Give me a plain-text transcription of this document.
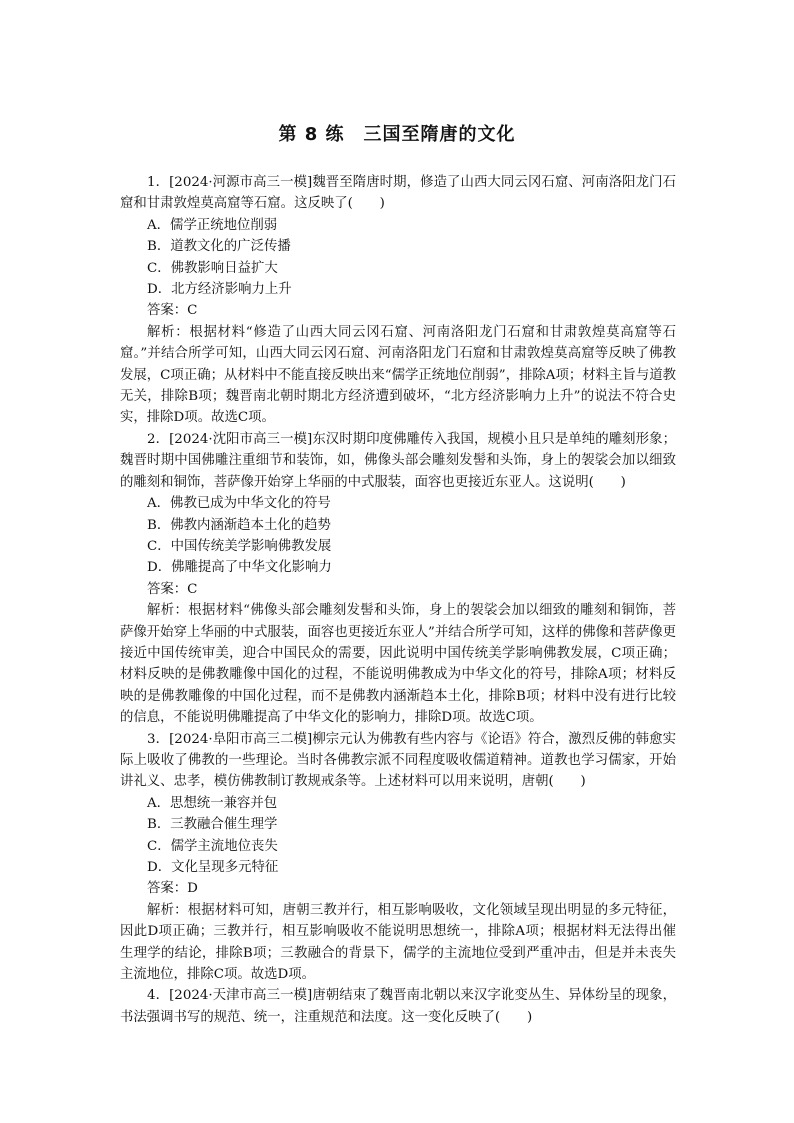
第 8 练　三国至隋唐的文化

1．[2024·河源市高三一模]魏晋至隋唐时期，修造了山西大同云冈石窟、河南洛阳龙门石窟和甘肃敦煌莫高窟等石窟。这反映了(　　)

A．儒学正统地位削弱

B．道教文化的广泛传播

C．佛教影响日益扩大

D．北方经济影响力上升

答案：C

解析：根据材料“修造了山西大同云冈石窟、河南洛阳龙门石窟和甘肃敦煌莫高窟等石窟。”并结合所学可知，山西大同云冈石窟、河南洛阳龙门石窟和甘肃敦煌莫高窟等反映了佛教发展，C项正确；从材料中不能直接反映出来“儒学正统地位削弱”，排除A项；材料主旨与道教无关，排除B项；魏晋南北朝时期北方经济遭到破坏，“北方经济影响力上升”的说法不符合史实，排除D项。故选C项。

2．[2024·沈阳市高三一模]东汉时期印度佛雕传入我国，规模小且只是单纯的雕刻形象；魏晋时期中国佛雕注重细节和装饰，如，佛像头部会雕刻发髻和头饰，身上的袈裟会加以细致的雕刻和铜饰，菩萨像开始穿上华丽的中式服装，面容也更接近东亚人。这说明(　　)

A．佛教已成为中华文化的符号

B．佛教内涵渐趋本土化的趋势

C．中国传统美学影响佛教发展

D．佛雕提高了中华文化影响力

答案：C

解析：根据材料“佛像头部会雕刻发髻和头饰，身上的袈裟会加以细致的雕刻和铜饰，菩萨像开始穿上华丽的中式服装，面容也更接近东亚人”并结合所学可知，这样的佛像和菩萨像更接近中国传统审美，迎合中国民众的需要，因此说明中国传统美学影响佛教发展，C项正确；材料反映的是佛教雕像中国化的过程，不能说明佛教成为中华文化的符号，排除A项；材料反映的是佛教雕像的中国化过程，而不是佛教内涵渐趋本土化，排除B项；材料中没有进行比较的信息，不能说明佛雕提高了中华文化的影响力，排除D项。故选C项。

3．[2024·阜阳市高三二模]柳宗元认为佛教有些内容与《论语》符合，激烈反佛的韩愈实际上吸收了佛教的一些理论。当时各佛教宗派不同程度吸收儒道精神。道教也学习儒家，开始讲礼义、忠孝，模仿佛教制订教规戒条等。上述材料可以用来说明，唐朝(　　)

A．思想统一兼容并包

B．三教融合催生理学

C．儒学主流地位丧失

D．文化呈现多元特征

答案：D

解析：根据材料可知，唐朝三教并行，相互影响吸收，文化领域呈现出明显的多元特征，因此D项正确；三教并行，相互影响吸收不能说明思想统一，排除A项；根据材料无法得出催生理学的结论，排除B项；三教融合的背景下，儒学的主流地位受到严重冲击，但是并未丧失主流地位，排除C项。故选D项。

4．[2024·天津市高三一模]唐朝结束了魏晋南北朝以来汉字讹变丛生、异体纷呈的现象，书法强调书写的规范、统一，注重规范和法度。这一变化反映了(　　)
